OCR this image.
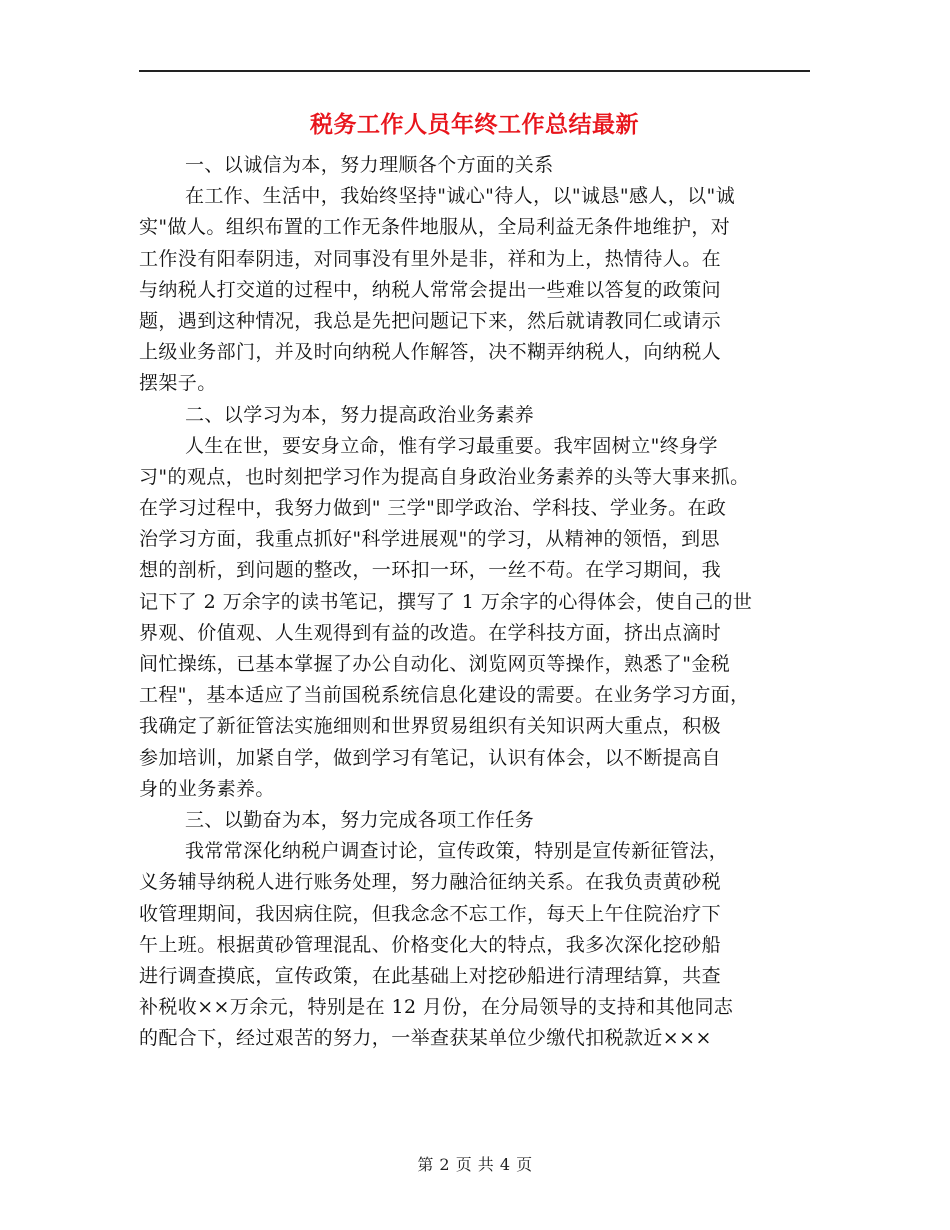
税务工作人员年终工作总结最新
一、以诚信为本，努力理顺各个方面的关系
在工作、生活中，我始终坚持"诚心"待人，以"诚恳"感人，以"诚
实"做人。组织布置的工作无条件地服从，全局利益无条件地维护，对
工作没有阳奉阴违，对同事没有里外是非，祥和为上，热情待人。在
与纳税人打交道的过程中，纳税人常常会提出一些难以答复的政策问
题，遇到这种情况，我总是先把问题记下来，然后就请教同仁或请示
上级业务部门，并及时向纳税人作解答，决不糊弄纳税人，向纳税人
摆架子。
二、以学习为本，努力提高政治业务素养
人生在世，要安身立命，惟有学习最重要。我牢固树立"终身学
习"的观点，也时刻把学习作为提高自身政治业务素养的头等大事来抓。
在学习过程中，我努力做到" 三学"即学政治、学科技、学业务。在政
治学习方面，我重点抓好"科学进展观"的学习，从精神的领悟，到思
想的剖析，到问题的整改，一环扣一环，一丝不苟。在学习期间，我
记下了 2 万余字的读书笔记，撰写了 1 万余字的心得体会，使自己的世
界观、价值观、人生观得到有益的改造。在学科技方面，挤出点滴时
间忙操练，已基本掌握了办公自动化、浏览网页等操作，熟悉了"金税
工程"，基本适应了当前国税系统信息化建设的需要。在业务学习方面，
我确定了新征管法实施细则和世界贸易组织有关知识两大重点，积极
参加培训，加紧自学，做到学习有笔记，认识有体会，以不断提高自
身的业务素养。
三、以勤奋为本，努力完成各项工作任务
我常常深化纳税户调查讨论，宣传政策，特别是宣传新征管法，
义务辅导纳税人进行账务处理，努力融洽征纳关系。在我负责黄砂税
收管理期间，我因病住院，但我念念不忘工作，每天上午住院治疗下
午上班。根据黄砂管理混乱、价格变化大的特点，我多次深化挖砂船
进行调查摸底，宣传政策，在此基础上对挖砂船进行清理结算，共查
补税收××万余元，特别是在 12 月份，在分局领导的支持和其他同志
的配合下，经过艰苦的努力，一举查获某单位少缴代扣税款近×××
第 2 页 共 4 页
